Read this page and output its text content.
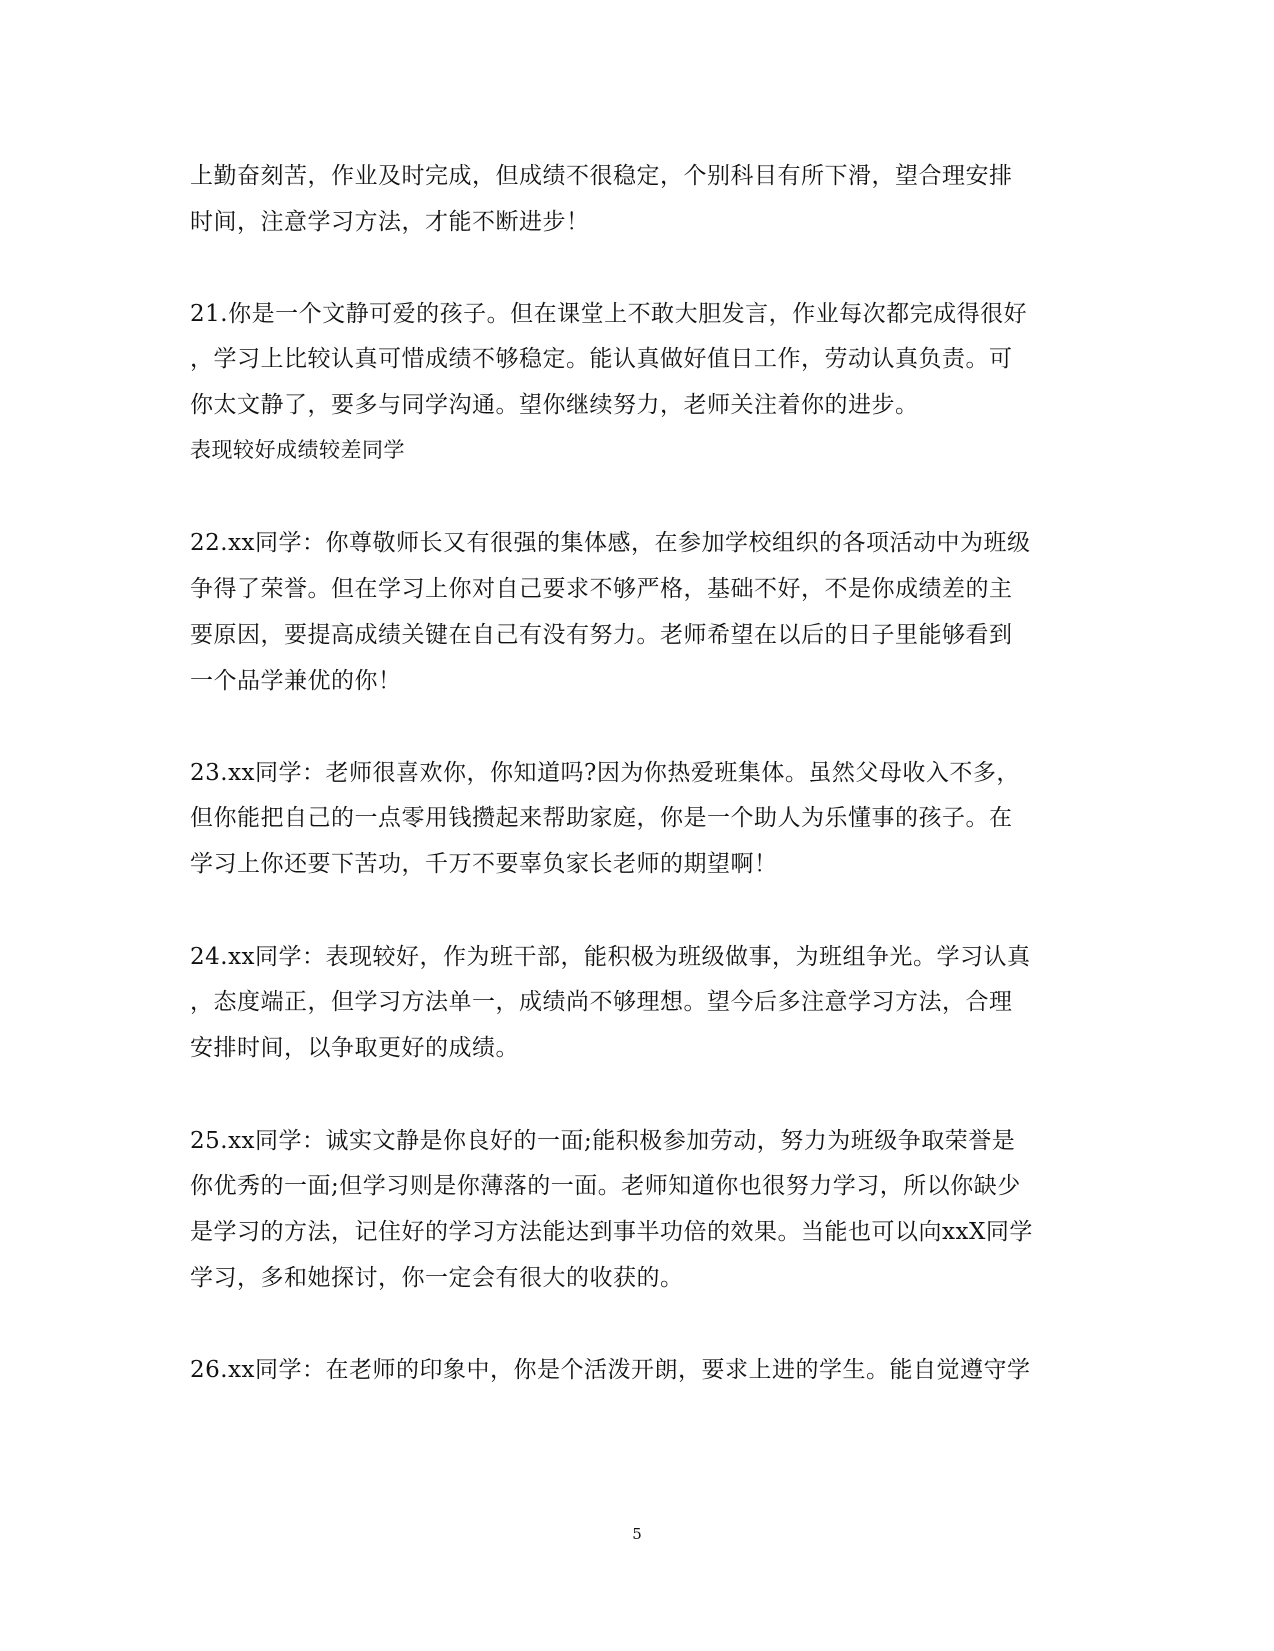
上勤奋刻苦，作业及时完成，但成绩不很稳定，个别科目有所下滑，望合理安排
时间，注意学习方法，才能不断进步！
21.你是一个文静可爱的孩子。但在课堂上不敢大胆发言，作业每次都完成得很好
，学习上比较认真可惜成绩不够稳定。能认真做好值日工作，劳动认真负责。可
你太文静了，要多与同学沟通。望你继续努力，老师关注着你的进步。
表现较好成绩较差同学
22.xx同学：你尊敬师长又有很强的集体感，在参加学校组织的各项活动中为班级
争得了荣誉。但在学习上你对自己要求不够严格，基础不好，不是你成绩差的主
要原因，要提高成绩关键在自己有没有努力。老师希望在以后的日子里能够看到
一个品学兼优的你！
23.xx同学：老师很喜欢你，你知道吗?因为你热爱班集体。虽然父母收入不多，
但你能把自己的一点零用钱攒起来帮助家庭，你是一个助人为乐懂事的孩子。在
学习上你还要下苦功，千万不要辜负家长老师的期望啊！
24.xx同学：表现较好，作为班干部，能积极为班级做事，为班组争光。学习认真
，态度端正，但学习方法单一，成绩尚不够理想。望今后多注意学习方法，合理
安排时间，以争取更好的成绩。
25.xx同学：诚实文静是你良好的一面;能积极参加劳动，努力为班级争取荣誉是
你优秀的一面;但学习则是你薄落的一面。老师知道你也很努力学习，所以你缺少
是学习的方法，记住好的学习方法能达到事半功倍的效果。当能也可以向xxX同学
学习，多和她探讨，你一定会有很大的收获的。
26.xx同学：在老师的印象中，你是个活泼开朗，要求上进的学生。能自觉遵守学
5
